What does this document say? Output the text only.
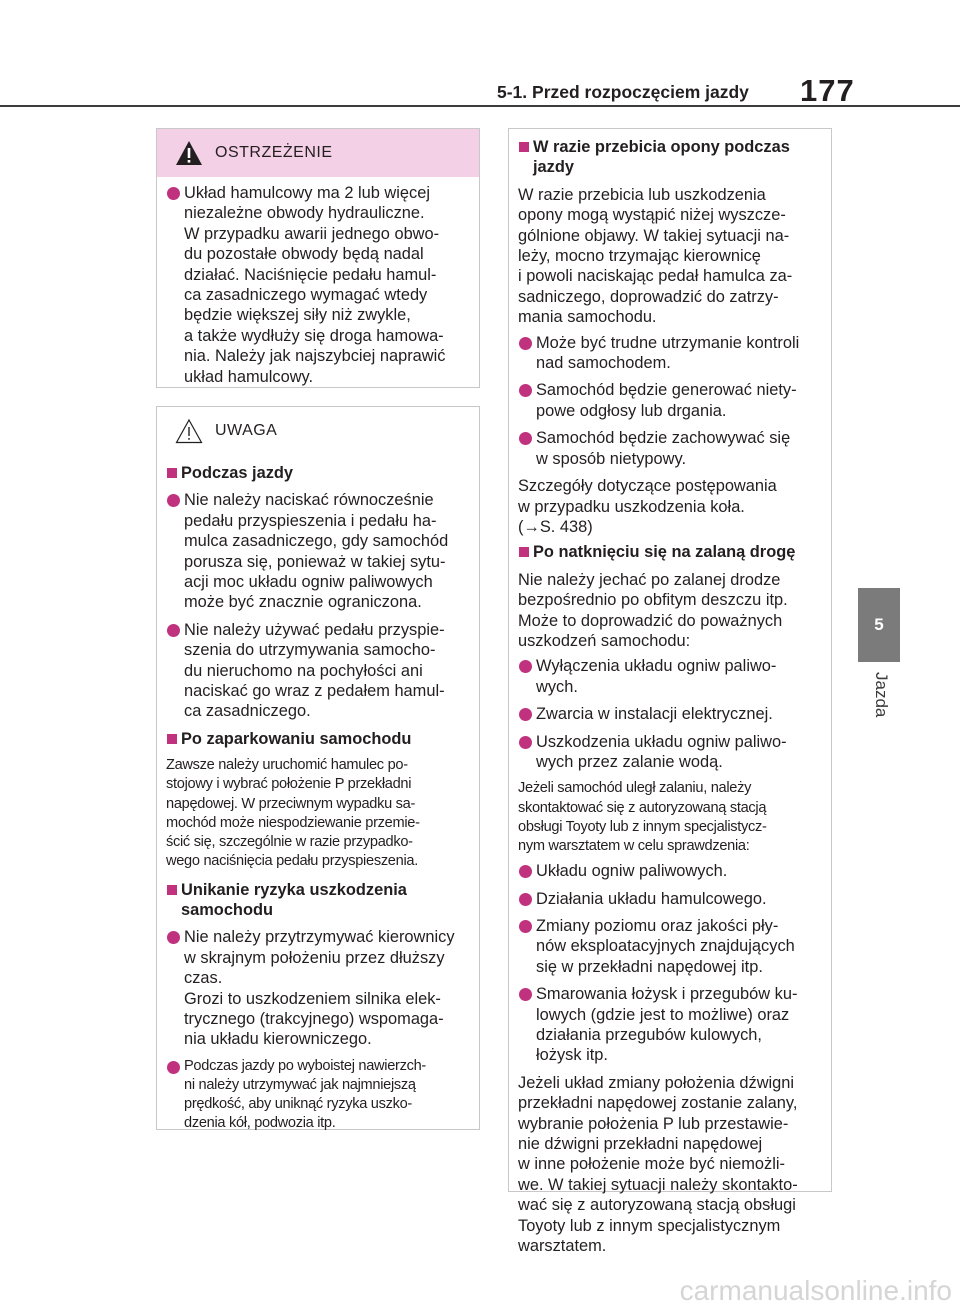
5-1. Przed rozpoczęciem jazdy 177
5
Jazda
OSTRZEŻENIE
Układ hamulcowy ma 2 lub więcej
niezależne obwody hydrauliczne.
W przypadku awarii jednego obwo-
du pozostałe obwody będą nadal
działać. Naciśnięcie pedału hamul-
ca zasadniczego wymagać wtedy
będzie większej siły niż zwykle,
a także wydłuży się droga hamowa-
nia. Należy jak najszybciej naprawić
układ hamulcowy.
UWAGA
Podczas jazdy
Nie należy naciskać równocześnie
pedału przyspieszenia i pedału ha-
mulca zasadniczego, gdy samochód
porusza się, ponieważ w takiej sytu-
acji moc układu ogniw paliwowych
może być znacznie ograniczona.
Nie należy używać pedału przyspie-
szenia do utrzymywania samocho-
du nieruchomo na pochyłości ani
naciskać go wraz z pedałem hamul-
ca zasadniczego.
Po zaparkowaniu samochodu
Zawsze należy uruchomić hamulec po-
stojowy i wybrać położenie P przekładni
napędowej. W przeciwnym wypadku sa-
mochód może niespodziewanie przemie-
ścić się, szczególnie w razie przypadko-
wego naciśnięcia pedału przyspieszenia.
Unikanie ryzyka uszkodzenia
samochodu
Nie należy przytrzymywać kierownicy
w skrajnym położeniu przez dłuższy
czas.
Grozi to uszkodzeniem silnika elek-
trycznego (trakcyjnego) wspomaga-
nia układu kierowniczego.
Podczas jazdy po wyboistej nawierzch-
ni należy utrzymywać jak najmniejszą
prędkość, aby uniknąć ryzyka uszko-
dzenia kół, podwozia itp.
W razie przebicia opony podczas
jazdy
W razie przebicia lub uszkodzenia
opony mogą wystąpić niżej wyszcze-
gólnione objawy. W takiej sytuacji na-
leży, mocno trzymając kierownicę
i powoli naciskając pedał hamulca za-
sadniczego, doprowadzić do zatrzy-
mania samochodu.
Może być trudne utrzymanie kontroli
nad samochodem.
Samochód będzie generować niety-
powe odgłosy lub drgania.
Samochód będzie zachowywać się
w sposób nietypowy.
Szczegóły dotyczące postępowania
w przypadku uszkodzenia koła.
(→S. 438)
Po natknięciu się na zalaną drogę
Nie należy jechać po zalanej drodze
bezpośrednio po obfitym deszczu itp.
Może to doprowadzić do poważnych
uszkodzeń samochodu:
Wyłączenia układu ogniw paliwo-
wych.
Zwarcia w instalacji elektrycznej.
Uszkodzenia układu ogniw paliwo-
wych przez zalanie wodą.
Jeżeli samochód uległ zalaniu, należy
skontaktować się z autoryzowaną stacją
obsługi Toyoty lub z innym specjalistycz-
nym warsztatem w celu sprawdzenia:
Układu ogniw paliwowych.
Działania układu hamulcowego.
Zmiany poziomu oraz jakości pły-
nów eksploatacyjnych znajdujących
się w przekładni napędowej itp.
Smarowania łożysk i przegubów ku-
lowych (gdzie jest to możliwe) oraz
działania przegubów kulowych,
łożysk itp.
Jeżeli układ zmiany położenia dźwigni
przekładni napędowej zostanie zalany,
wybranie położenia P lub przestawie-
nie dźwigni przekładni napędowej
w inne położenie może być niemożli-
we. W takiej sytuacji należy skontakto-
wać się z autoryzowaną stacją obsługi
Toyoty lub z innym specjalistycznym
warsztatem.
carmanualsonline.info
